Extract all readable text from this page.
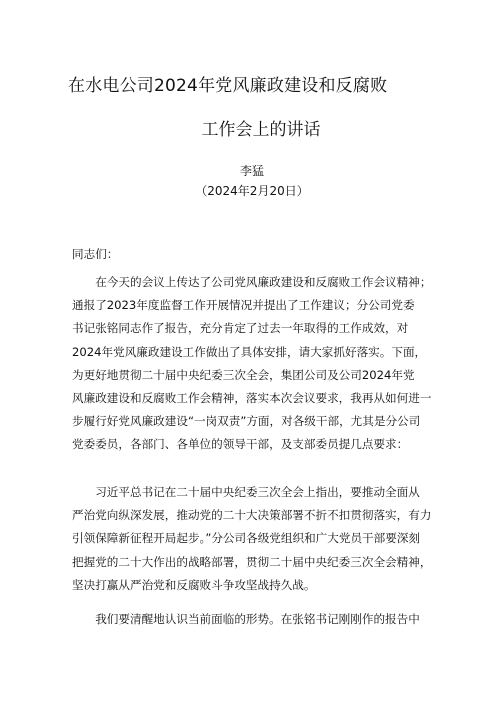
在水电公司2024年党风廉政建设和反腐败
工作会上的讲话
李猛
（2024年2月20日）
同志们：
在今天的会议上传达了公司党风廉政建设和反腐败工作会议精神；
通报了2023年度监督工作开展情况并提出了工作建议；分公司党委
书记张铭同志作了报告，充分肯定了过去一年取得的工作成效，对
2024年党风廉政建设工作做出了具体安排，请大家抓好落实。下面，
为更好地贯彻二十届中央纪委三次全会，集团公司及公司2024年党
风廉政建设和反腐败工作会精神，落实本次会议要求，我再从如何进一
步履行好党风廉政建设“一岗双责”方面，对各级干部，尤其是分公司
党委委员，各部门、各单位的领导干部，及支部委员提几点要求：
习近平总书记在二十届中央纪委三次全会上指出，要推动全面从
严治党向纵深发展，推动党的二十大决策部署不折不扣贯彻落实，有力
引领保障新征程开局起步。”分公司各级党组织和广大党员干部要深刻
把握党的二十大作出的战略部署，贯彻二十届中央纪委三次全会精神，
坚决打赢从严治党和反腐败斗争攻坚战持久战。
我们要清醒地认识当前面临的形势。在张铭书记刚刚作的报告中
